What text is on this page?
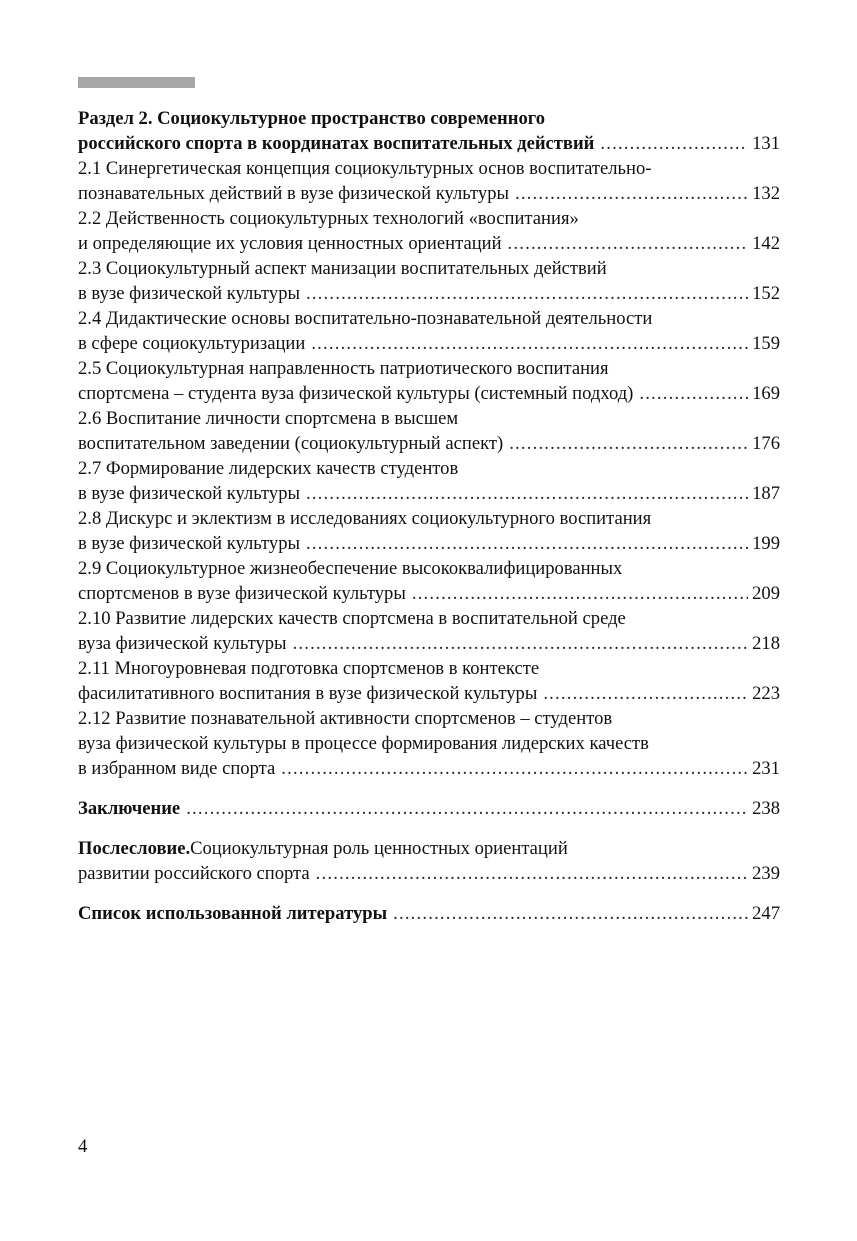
Раздел 2. Социокультурное пространство современного
российского спорта в координатах воспитательных действий .....	131
2.1 Синергетическая концепция социокультурных основ воспитательно-
познавательных действий в вузе физической культуры .....	132
2.2 Действенность социокультурных технологий «воспитания»
и определяющие их условия ценностных ориентаций .....	142
2.3 Социокультурный аспект манизации воспитательных действий
в вузе физической культуры .....	152
2.4 Дидактические основы воспитательно-познавательной деятельности
в сфере социокультуризации .....	159
2.5 Социокультурная направленность патриотического воспитания
спортсмена – студента вуза физической культуры (системный подход) .....	169
2.6 Воспитание личности спортсмена в высшем
воспитательном заведении (социокультурный аспект) .....	176
2.7 Формирование лидерских качеств студентов
в вузе физической культуры .....	187
2.8 Дискурс и эклектизм в исследованиях социокультурного воспитания
в вузе физической культуры .....	199
2.9 Социокультурное жизнеобеспечение высококвалифицированных
спортсменов в вузе физической культуры .....	209
2.10 Развитие лидерских качеств спортсмена в воспитательной среде
вуза физической культуры .....	218
2.11 Многоуровневая подготовка спортсменов в контексте
фасилитативного воспитания в вузе физической культуры .....	223
2.12 Развитие познавательной активности спортсменов – студентов
вуза физической культуры в процессе формирования лидерских качеств
в избранном виде спорта .....	231
Заключение .....	238
Послесловие. Социокультурная роль ценностных ориентаций
развитии российского спорта .....	239
Список использованной литературы .....	247
4
